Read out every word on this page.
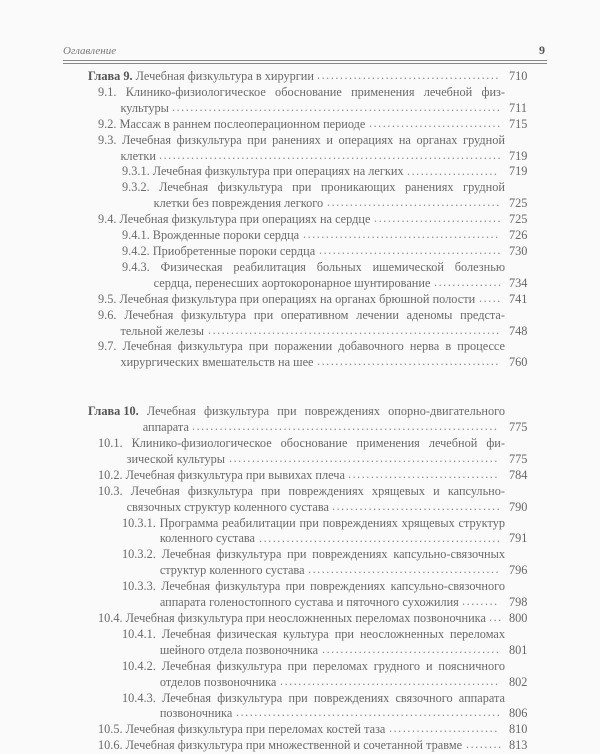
Оглавление	9
Глава 9. Лечебная физкультура в хирургии ........................................ 710
9.1. Клинико-физиологическое обоснование применения лечебной физкультуры ........................................................................ 711
9.2. Массаж в раннем послеоперационном периоде ............................. 715
9.3. Лечебная физкультура при ранениях и операциях на органах грудной клетки ........................................................................... 719
9.3.1. Лечебная физкультура при операциях на легких .................... 719
9.3.2. Лечебная физкультура при проникающих ранениях грудной клетки без повреждения легкого ...................................... 725
9.4. Лечебная физкультура при операциях на сердце ............................ 725
9.4.1. Врожденные пороки сердца ........................................... 726
9.4.2. Приобретенные пороки сердца ........................................ 730
9.4.3. Физическая реабилитация больных ишемической болезнью сердца, перенесших аортокоронарное шунтирование ............... 734
9.5. Лечебная физкультура при операциях на органах брюшной полости ..... 741
9.6. Лечебная физкультура при оперативном лечении аденомы предстательной железы ................................................................ 748
9.7. Лечебная физкультура при поражении добавочного нерва в процессе хирургических вмешательств на шее ........................................ 760
Глава 10. Лечебная физкультура при повреждениях опорно-двигательного аппарата ................................................................... 775
10.1. Клинико-физиологическое обоснование применения лечебной физической культуры ........................................................... 775
10.2. Лечебная физкультура при вывихах плеча ................................. 784
10.3. Лечебная физкультура при повреждениях хрящевых и капсульно-связочных структур коленного сустава ..................................... 790
10.3.1. Программа реабилитации при повреждениях хрящевых структур коленного сустава ..................................................... 791
10.3.2. Лечебная физкультура при повреждениях капсульно-связочных структур коленного сустава .......................................... 796
10.3.3. Лечебная физкультура при повреждениях капсульно-связочного аппарата голеностопного сустава и пяточного сухожилия ........ 798
10.4. Лечебная физкультура при неосложненных переломах позвоночника ... 800
10.4.1. Лечебная физическая культура при неосложненных переломах шейного отдела позвоночника ....................................... 801
10.4.2. Лечебная физкультура при переломах грудного и поясничного отделов позвоночника ................................................ 802
10.4.3. Лечебная физкультура при повреждениях связочного аппарата позвоночника .......................................................... 806
10.5. Лечебная физкультура при переломах костей таза ........................ 810
10.6. Лечебная физкультура при множественной и сочетанной травме ........ 813
